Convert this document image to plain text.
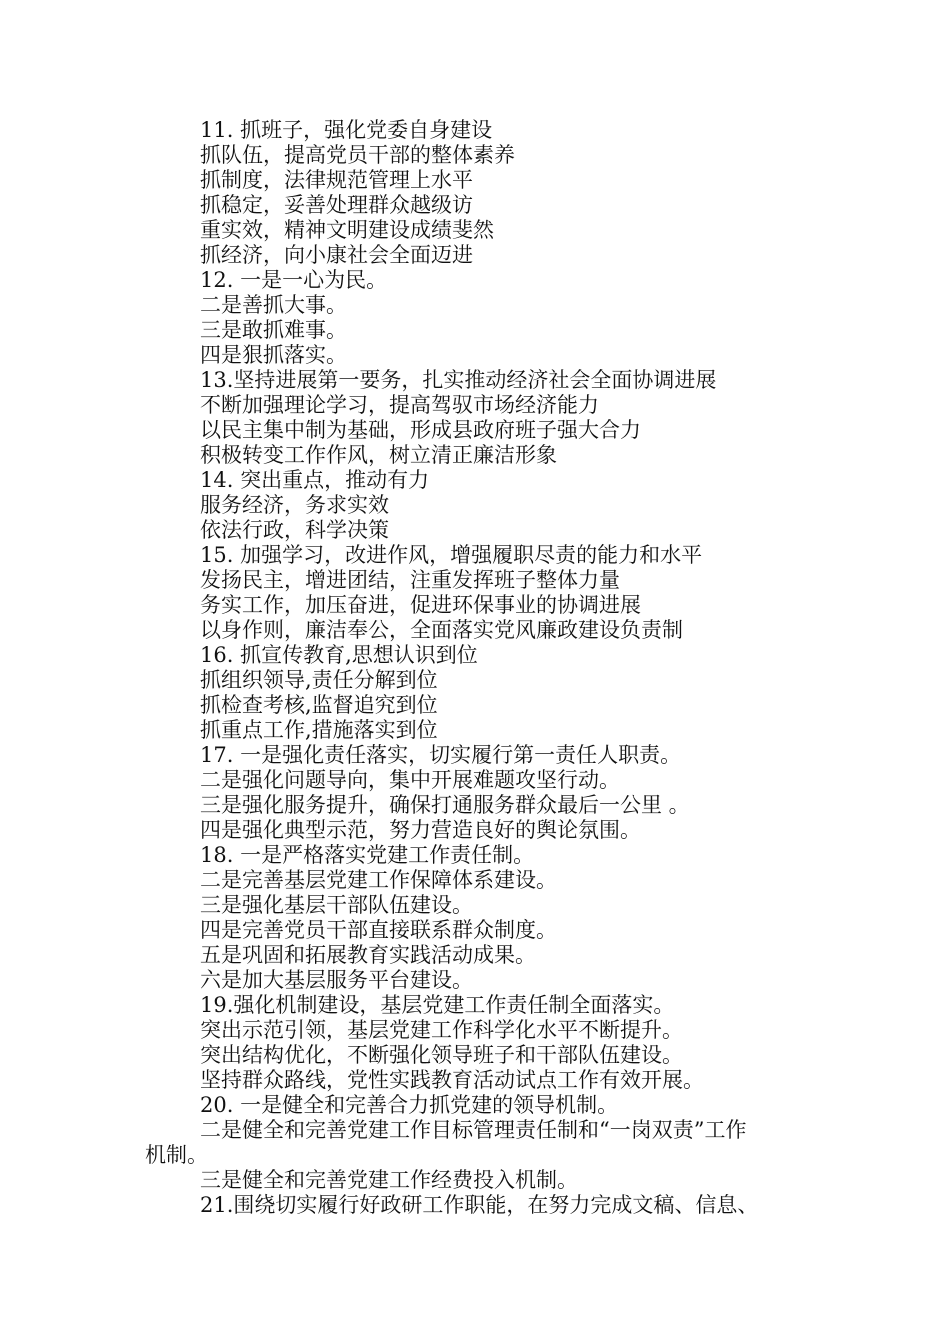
11. 抓班子，强化党委自身建设
抓队伍，提高党员干部的整体素养
抓制度，法律规范管理上水平
抓稳定，妥善处理群众越级访
重实效，精神文明建设成绩斐然
抓经济，向小康社会全面迈进
12. 一是一心为民。
二是善抓大事。
三是敢抓难事。
四是狠抓落实。
13.坚持进展第一要务，扎实推动经济社会全面协调进展
不断加强理论学习，提高驾驭市场经济能力
以民主集中制为基础，形成县政府班子强大合力
积极转变工作作风，树立清正廉洁形象
14. 突出重点，推动有力
服务经济，务求实效
依法行政，科学决策
15. 加强学习，改进作风，增强履职尽责的能力和水平
发扬民主，增进团结，注重发挥班子整体力量
务实工作，加压奋进，促进环保事业的协调进展
以身作则，廉洁奉公，全面落实党风廉政建设负责制
16. 抓宣传教育,思想认识到位
抓组织领导,责任分解到位
抓检查考核,监督追究到位
抓重点工作,措施落实到位
17. 一是强化责任落实，切实履行第一责任人职责。
二是强化问题导向，集中开展难题攻坚行动。
三是强化服务提升，确保打通服务群众最后一公里 。
四是强化典型示范，努力营造良好的舆论氛围。
18. 一是严格落实党建工作责任制。
二是完善基层党建工作保障体系建设。
三是强化基层干部队伍建设。
四是完善党员干部直接联系群众制度。
五是巩固和拓展教育实践活动成果。
六是加大基层服务平台建设。
19.强化机制建设，基层党建工作责任制全面落实。
突出示范引领，基层党建工作科学化水平不断提升。
突出结构优化，不断强化领导班子和干部队伍建设。
坚持群众路线，党性实践教育活动试点工作有效开展。
20. 一是健全和完善合力抓党建的领导机制。
二是健全和完善党建工作目标管理责任制和“一岗双责”工作
机制。
三是健全和完善党建工作经费投入机制。
21.围绕切实履行好政研工作职能，在努力完成文稿、信息、
